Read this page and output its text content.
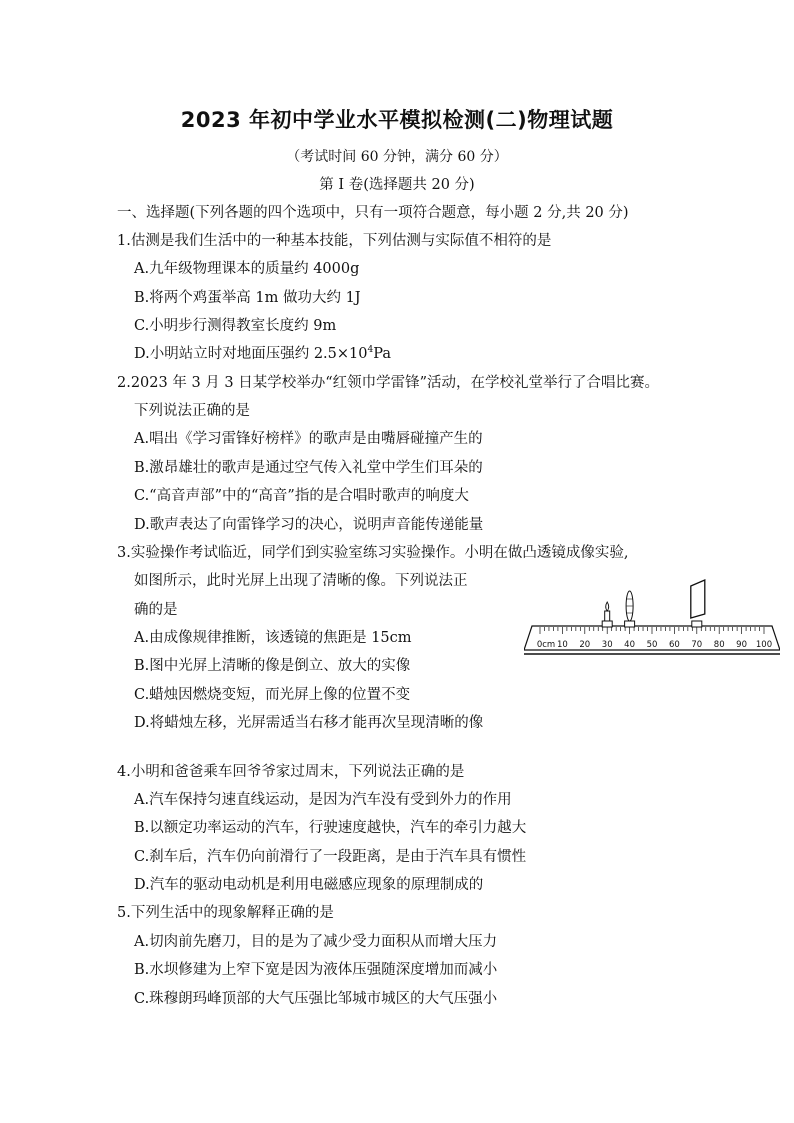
2023 年初中学业水平模拟检测(二)物理试题
（考试时间 60 分钟，满分 60 分）
第 I 卷(选择题共 20 分)
一、选择题(下列各题的四个选项中，只有一项符合题意，每小题 2 分,共 20 分)
1.估测是我们生活中的一种基本技能，下列估测与实际值不相符的是
A.九年级物理课本的质量约 4000g
B.将两个鸡蛋举高 1m 做功大约 1J
C.小明步行测得教室长度约 9m
D.小明站立时对地面压强约 $2.5\times 10^4Pa$
2.2023 年 3 月 3 日某学校举办“红领巾学雷锋”活动，在学校礼堂举行了合唱比赛。
下列说法正确的是
A.唱出《学习雷锋好榜样》的歌声是由嘴唇碰撞产生的
B.激昂雄壮的歌声是通过空气传入礼堂中学生们耳朵的
C.“高音声部”中的“高音”指的是合唱时歌声的响度大
D.歌声表达了向雷锋学习的决心，说明声音能传递能量
3.实验操作考试临近，同学们到实验室练习实验操作。小明在做凸透镜成像实验,
如图所示，此时光屏上出现了清晰的像。下列说法正
确的是
A.由成像规律推断，该透镜的焦距是 15cm
B.图中光屏上清晰的像是倒立、放大的实像
C.蜡烛因燃烧变短，而光屏上像的位置不变
D.将蜡烛左移，光屏需适当右移才能再次呈现清晰的像
0cm 10 20 30 40 50 60 70 80 90 100
4.小明和爸爸乘车回爷爷家过周末，下列说法正确的是
A.汽车保持匀速直线运动，是因为汽车没有受到外力的作用
B.以额定功率运动的汽车，行驶速度越快，汽车的牵引力越大
C.刹车后，汽车仍向前滑行了一段距离，是由于汽车具有惯性
D.汽车的驱动电动机是利用电磁感应现象的原理制成的
5.下列生活中的现象解释正确的是
A.切肉前先磨刀，目的是为了减少受力面积从而增大压力
B.水坝修建为上窄下宽是因为液体压强随深度增加而减小
C.珠穆朗玛峰顶部的大气压强比邹城市城区的大气压强小
